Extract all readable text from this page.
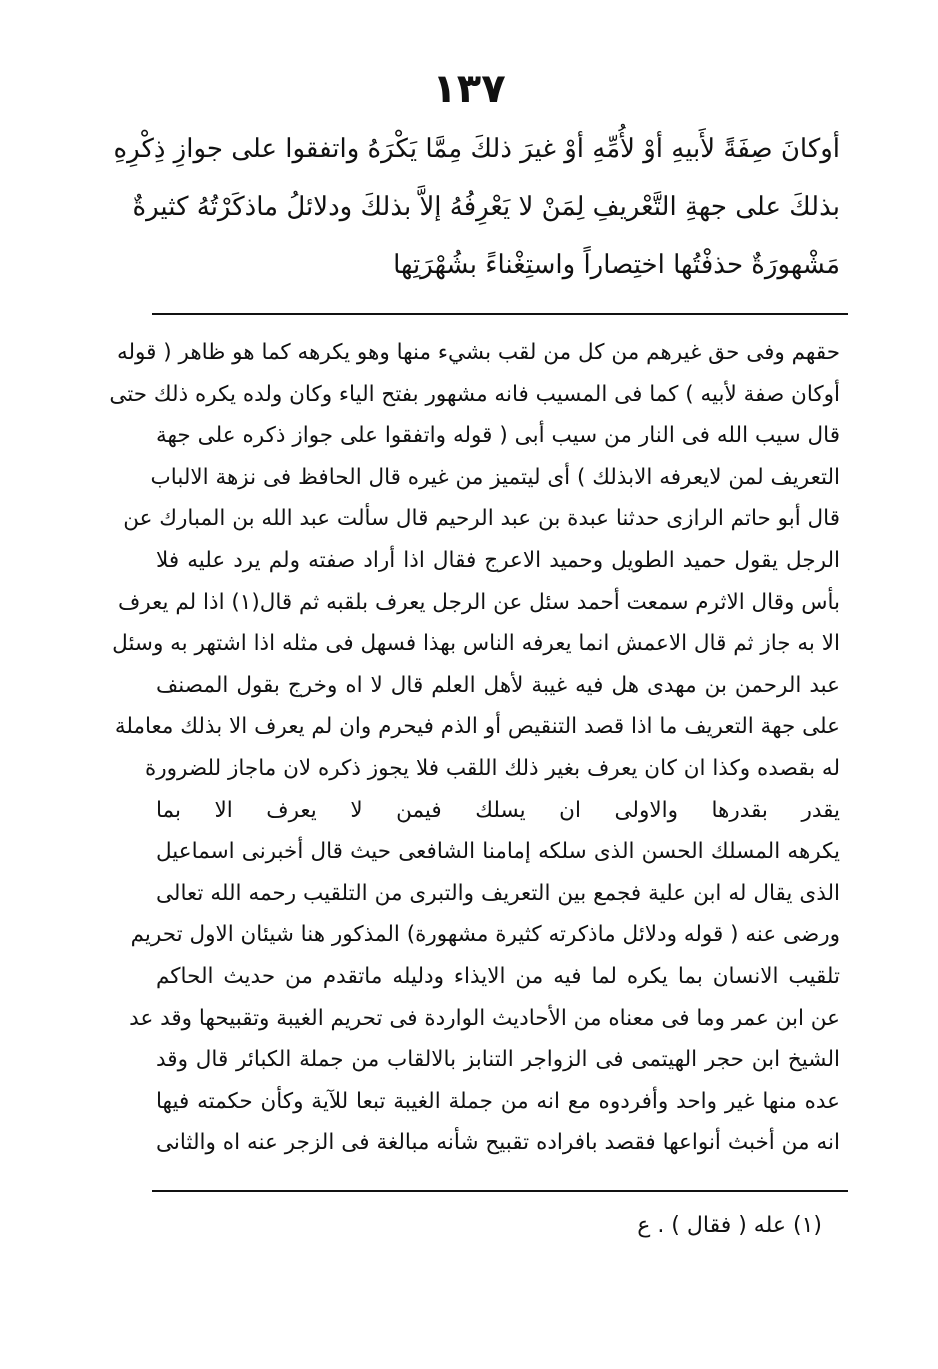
١٣٧
أوكانَ صِفَةً لأَبيهِ أوْ لأُمِّهِ أوْ غيرَ ذلكَ مِمَّا يَكْرَهُ واتفقوا على جوازِ ذِكْرِهِ
بذلكَ على جهةِ التَّعْريفِ لِمَنْ لا يَعْرِفُهُ إلاَّ بذلكَ ودلائلُ ماذكَرْتُهُ كثيرةٌ
مَشْهورَةٌ حذفْتُها اختِصاراً واستِغْناءً بشُهْرَتِها
حقهم وفى حق غيرهم من كل من لقب بشيء منها وهو يكرهه كما هو ظاهر ( قوله
أوكان صفة لأبيه ) كما فى المسيب فانه مشهور بفتح الياء وكان ولده يكره ذلك حتى
قال سيب الله فى النار من سيب أبى ( قوله واتفقوا على جواز ذكره على جهة
التعريف لمن لايعرفه الابذلك ) أى ليتميز من غيره قال الحافظ فى نزهة الالباب
قال أبو حاتم الرازى حدثنا عبدة بن عبد الرحيم قال سألت عبد الله بن المبارك عن
الرجل يقول حميد الطويل وحميد الاعرج فقال اذا أراد صفته ولم يرد عليه فلا
بأس وقال الاثرم سمعت أحمد سئل عن الرجل يعرف بلقبه ثم قال(١) اذا لم يعرف
الا به جاز ثم قال الاعمش انما يعرفه الناس بهذا فسهل فى مثله اذا اشتهر به وسئل
عبد الرحمن بن مهدى هل فيه غيبة لأهل العلم قال لا اه وخرج بقول المصنف
على جهة التعريف ما اذا قصد التنقيص أو الذم فيحرم وان لم يعرف الا بذلك معاملة
له بقصده وكذا ان كان يعرف بغير ذلك اللقب فلا يجوز ذكره لان ماجاز للضرورة
يقدر بقدرها والاولى ان يسلك فيمن لا يعرف الا بما
يكرهه المسلك الحسن الذى سلكه إمامنا الشافعى حيث قال أخبرنى اسماعيل
الذى يقال له ابن علية فجمع بين التعريف والتبرى من التلقيب رحمه الله تعالى
ورضى عنه ( قوله ودلائل ماذكرته كثيرة مشهورة) المذكور هنا شيئان الاول تحريم
تلقيب الانسان بما يكره لما فيه من الايذاء ودليله ماتقدم من حديث الحاكم
عن ابن عمر وما فى معناه من الأحاديث الواردة فى تحريم الغيبة وتقبيحها وقد عد
الشيخ ابن حجر الهيتمى فى الزواجر التنابز بالالقاب من جملة الكبائر قال وقد
عده منها غير واحد وأفردوه مع انه من جملة الغيبة تبعا للآية وكأن حكمته فيها
انه من أخبث أنواعها فقصد بافراده تقبيح شأنه مبالغة فى الزجر عنه اه والثانى
(١) عله ( فقال ) . ع
